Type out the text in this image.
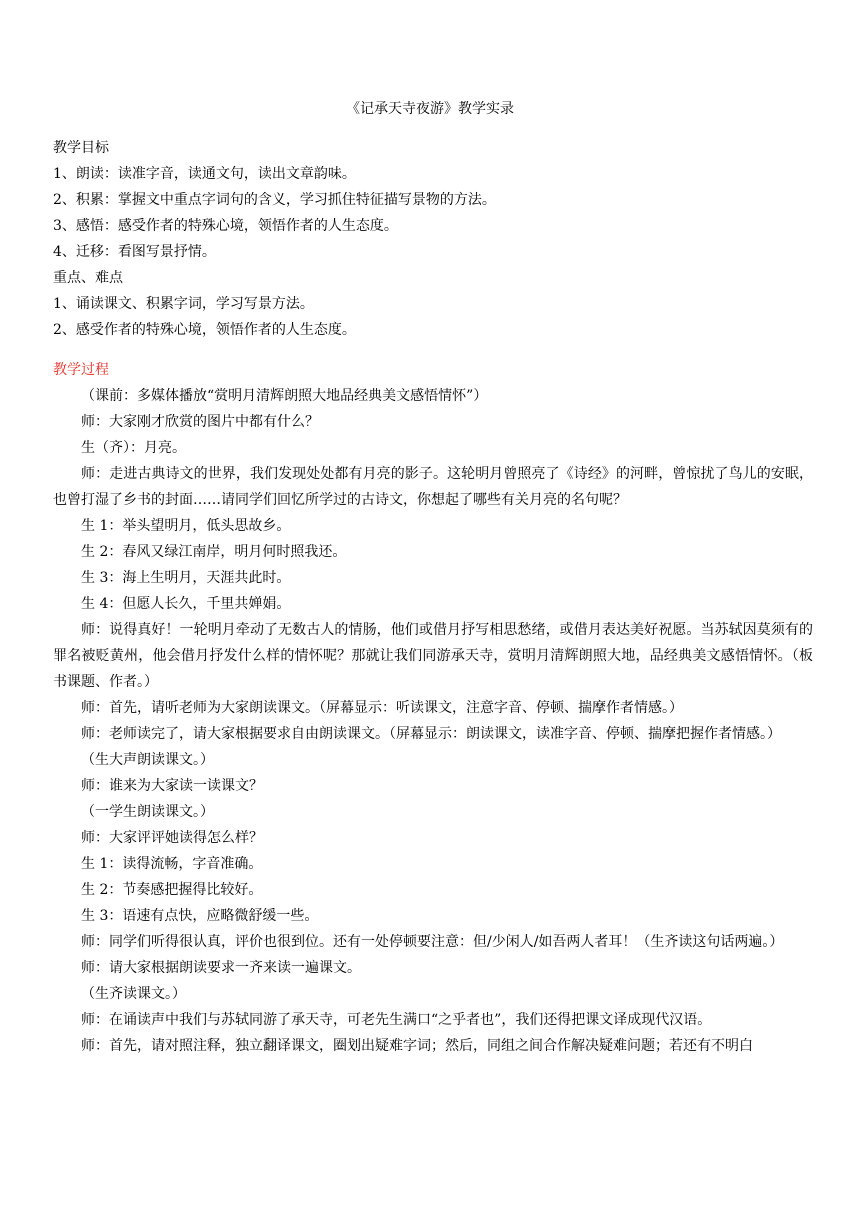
《记承天寺夜游》教学实录
教学目标
1、朗读：读准字音，读通文句，读出文章韵味。
2、积累：掌握文中重点字词句的含义，学习抓住特征描写景物的方法。
3、感悟：感受作者的特殊心境，领悟作者的人生态度。
4、迁移：看图写景抒情。
重点、难点
1、诵读课文、积累字词，学习写景方法。
2、感受作者的特殊心境，领悟作者的人生态度。
教学过程
（课前：多媒体播放“赏明月清辉朗照大地品经典美文感悟情怀”）
师：大家刚才欣赏的图片中都有什么？
生（齐）：月亮。
师：走进古典诗文的世界，我们发现处处都有月亮的影子。这轮明月曾照亮了《诗经》的河畔，曾惊扰了鸟儿的安眠，也曾打湿了乡书的封面……请同学们回忆所学过的古诗文，你想起了哪些有关月亮的名句呢？
生 1：举头望明月，低头思故乡。
生 2：春风又绿江南岸，明月何时照我还。
生 3：海上生明月，天涯共此时。
生 4：但愿人长久，千里共婵娟。
师：说得真好！一轮明月牵动了无数古人的情肠，他们或借月抒写相思愁绪，或借月表达美好祝愿。当苏轼因莫须有的罪名被贬黄州，他会借月抒发什么样的情怀呢？那就让我们同游承天寺，赏明月清辉朗照大地，品经典美文感悟情怀。（板书课题、作者。）
师：首先，请听老师为大家朗读课文。（屏幕显示：听读课文，注意字音、停顿、揣摩作者情感。）
师：老师读完了，请大家根据要求自由朗读课文。（屏幕显示：朗读课文，读准字音、停顿、揣摩把握作者情感。）
（生大声朗读课文。）
师：谁来为大家读一读课文？
（一学生朗读课文。）
师：大家评评她读得怎么样？
生 1：读得流畅，字音准确。
生 2：节奏感把握得比较好。
生 3：语速有点快，应略微舒缓一些。
师：同学们听得很认真，评价也很到位。还有一处停顿要注意：但/少闲人/如吾两人者耳！（生齐读这句话两遍。）
师：请大家根据朗读要求一齐来读一遍课文。
（生齐读课文。）
师：在诵读声中我们与苏轼同游了承天寺，可老先生满口“之乎者也”，我们还得把课文译成现代汉语。
师：首先，请对照注释，独立翻译课文，圈划出疑难字词；然后，同组之间合作解决疑难问题；若还有不明白
